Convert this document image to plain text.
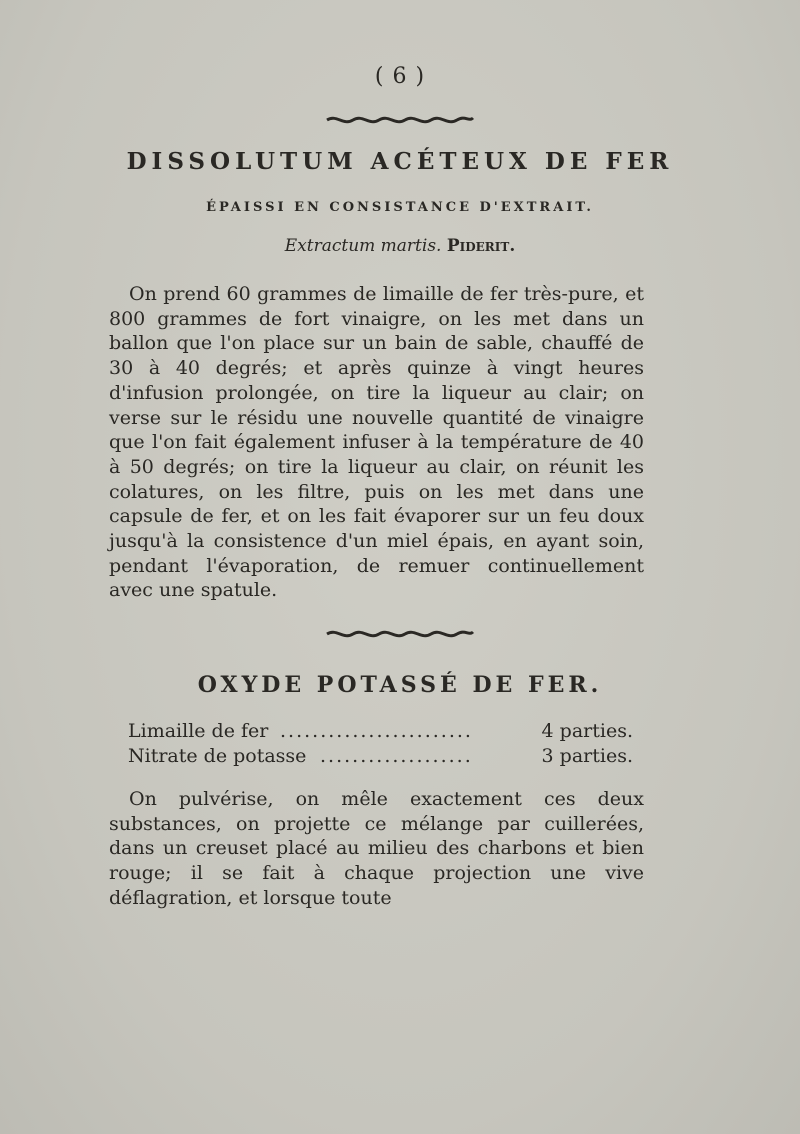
( 6 )
DISSOLUTUM ACÉTEUX DE FER
ÉPAISSI EN CONSISTANCE D'EXTRAIT.
Extractum martis. Piderit.

On prend 60 grammes de limaille de fer très-pure, et 800 grammes de fort vinaigre, on les met dans un ballon que l'on place sur un bain de sable, chauffé de 30 à 40 degrés; et après quinze à vingt heures d'infusion prolongée, on tire la liqueur au clair; on verse sur le résidu une nouvelle quantité de vinaigre que l'on fait également infuser à la température de 40 à 50 degrés; on tire la liqueur au clair, on réunit les colatures, on les filtre, puis on les met dans une capsule de fer, et on les fait évaporer sur un feu doux jusqu'à la consistence d'un miel épais, en ayant soin, pendant l'évaporation, de remuer continuellement avec une spatule.

OXYDE POTASSÉ DE FER.
Limaille de fer ........................	4 parties.
Nitrate de potasse ...................	3 parties.

On pulvérise, on mêle exactement ces deux substances, on projette ce mélange par cuillerées, dans un creuset placé au milieu des charbons et bien rouge; il se fait à chaque projection une vive déflagration, et lorsque toute
